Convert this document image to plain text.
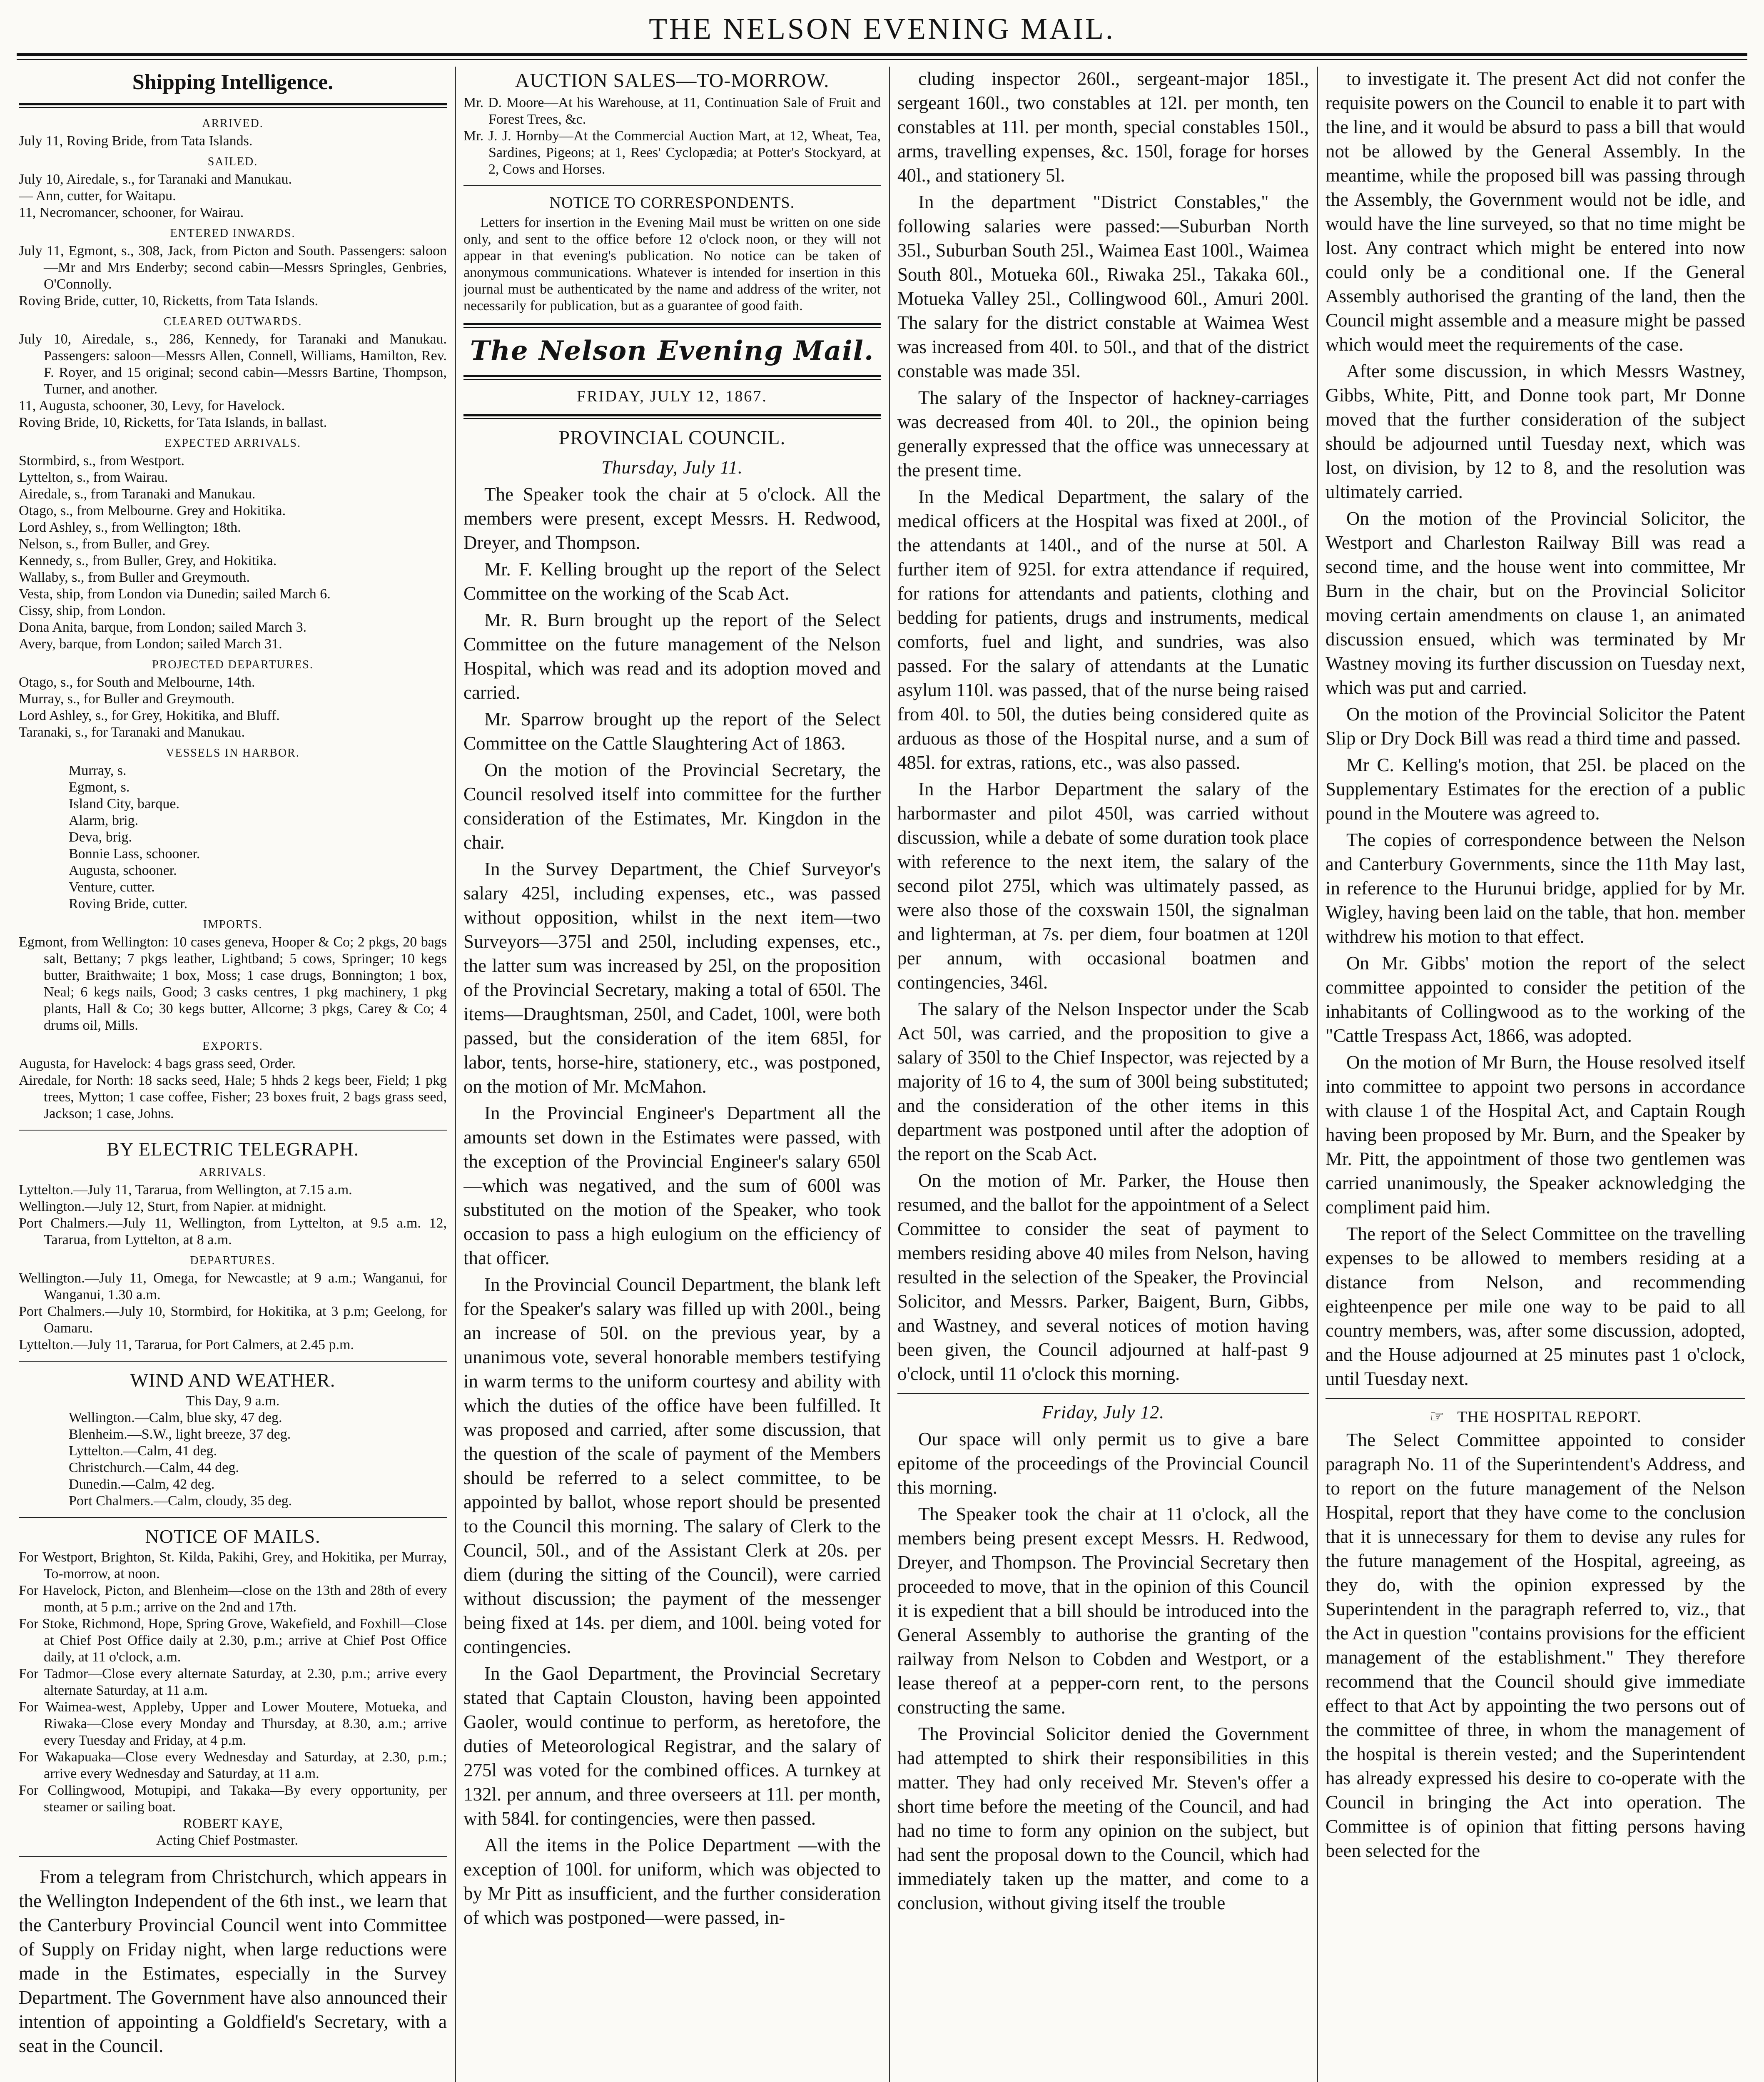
THE NELSON EVENING MAIL.
Shipping Intelligence.
ARRIVED.

July 11, Roving Bride, from Tata Islands.

SAILED.

July 10, Airedale, s., for Taranaki and Manukau.

— Ann, cutter, for Waitapu.

11, Necromancer, schooner, for Wairau.

ENTERED INWARDS.

July 11, Egmont, s., 308, Jack, from Picton and South. Passengers: saloon—Mr and Mrs Enderby; second cabin—Messrs Springles, Genbries, O'Connolly.

Roving Bride, cutter, 10, Ricketts, from Tata Islands.

CLEARED OUTWARDS.

July 10, Airedale, s., 286, Kennedy, for Taranaki and Manukau. Passengers: saloon—Messrs Allen, Connell, Williams, Hamilton, Rev. F. Royer, and 15 original; second cabin—Messrs Bartine, Thompson, Turner, and another.

11, Augusta, schooner, 30, Levy, for Havelock.

Roving Bride, 10, Ricketts, for Tata Islands, in ballast.

EXPECTED ARRIVALS.

Stormbird, s., from Westport.

Lyttelton, s., from Wairau.

Airedale, s., from Taranaki and Manukau.

Otago, s., from Melbourne. Grey and Hokitika.

Lord Ashley, s., from Wellington; 18th.

Nelson, s., from Buller, and Grey.

Kennedy, s., from Buller, Grey, and Hokitika.

Wallaby, s., from Buller and Greymouth.

Vesta, ship, from London via Dunedin; sailed March 6.

Cissy, ship, from London.

Dona Anita, barque, from London; sailed March 3.

Avery, barque, from London; sailed March 31.

PROJECTED DEPARTURES.

Otago, s., for South and Melbourne, 14th.

Murray, s., for Buller and Greymouth.

Lord Ashley, s., for Grey, Hokitika, and Bluff.

Taranaki, s., for Taranaki and Manukau.

VESSELS IN HARBOR.

Murray, s.

Egmont, s.

Island City, barque.

Alarm, brig.

Deva, brig.

Bonnie Lass, schooner.

Augusta, schooner.

Venture, cutter.

Roving Bride, cutter.

IMPORTS.

Egmont, from Wellington: 10 cases geneva, Hooper & Co; 2 pkgs, 20 bags salt, Bettany; 7 pkgs leather, Lightband; 5 cows, Springer; 10 kegs butter, Braithwaite; 1 box, Moss; 1 case drugs, Bonnington; 1 box, Neal; 6 kegs nails, Good; 3 casks centres, 1 pkg machinery, 1 pkg plants, Hall & Co; 30 kegs butter, Allcorne; 3 pkgs, Carey & Co; 4 drums oil, Mills.

EXPORTS.

Augusta, for Havelock: 4 bags grass seed, Order.

Airedale, for North: 18 sacks seed, Hale; 5 hhds 2 kegs beer, Field; 1 pkg trees, Mytton; 1 case coffee, Fisher; 23 boxes fruit, 2 bags grass seed, Jackson; 1 case, Johns.

BY ELECTRIC TELEGRAPH.
ARRIVALS.

Lyttelton.—July 11, Tararua, from Wellington, at 7.15 a.m.

Wellington.—July 12, Sturt, from Napier. at midnight.

Port Chalmers.—July 11, Wellington, from Lyttelton, at 9.5 a.m. 12, Tararua, from Lyttelton, at 8 a.m.

DEPARTURES.

Wellington.—July 11, Omega, for Newcastle; at 9 a.m.; Wanganui, for Wanganui, 1.30 a.m.

Port Chalmers.—July 10, Stormbird, for Hokitika, at 3 p.m; Geelong, for Oamaru.

Lyttelton.—July 11, Tararua, for Port Calmers, at 2.45 p.m.

WIND AND WEATHER.
This Day, 9 a.m.

Wellington.—Calm, blue sky, 47 deg.

Blenheim.—S.W., light breeze, 37 deg.

Lyttelton.—Calm, 41 deg.

Christchurch.—Calm, 44 deg.

Dunedin.—Calm, 42 deg.

Port Chalmers.—Calm, cloudy, 35 deg.

NOTICE OF MAILS.

For Westport, Brighton, St. Kilda, Pakihi, Grey, and Hokitika, per Murray, To-morrow, at noon.

For Havelock, Picton, and Blenheim—close on the 13th and 28th of every month, at 5 p.m.; arrive on the 2nd and 17th.

For Stoke, Richmond, Hope, Spring Grove, Wakefield, and Foxhill—Close at Chief Post Office daily at 2.30, p.m.; arrive at Chief Post Office daily, at 11 o'clock, a.m.

For Tadmor—Close every alternate Saturday, at 2.30, p.m.; arrive every alternate Saturday, at 11 a.m.

For Waimea-west, Appleby, Upper and Lower Moutere, Motueka, and Riwaka—Close every Monday and Thursday, at 8.30, a.m.; arrive every Tuesday and Friday, at 4 p.m.

For Wakapuaka—Close every Wednesday and Saturday, at 2.30, p.m.; arrive every Wednesday and Saturday, at 11 a.m.

For Collingwood, Motupipi, and Takaka—By every opportunity, per steamer or sailing boat.

ROBERT KAYE,
Acting Chief Postmaster.

From a telegram from Christchurch, which appears in the Wellington Independent of the 6th inst., we learn that the Canterbury Provincial Council went into Committee of Supply on Friday night, when large reductions were made in the Estimates, especially in the Survey Department. The Government have also announced their intention of appointing a Goldfield's Secretary, with a seat in the Council.

AUCTION SALES—TO-MORROW.

Mr. D. Moore—At his Warehouse, at 11, Continuation Sale of Fruit and Forest Trees, &c.

Mr. J. J. Hornby—At the Commercial Auction Mart, at 12, Wheat, Tea, Sardines, Pigeons; at 1, Rees' Cyclopædia; at Potter's Stockyard, at 2, Cows and Horses.

NOTICE TO CORRESPONDENTS.

Letters for insertion in the Evening Mail must be written on one side only, and sent to the office before 12 o'clock noon, or they will not appear in that evening's publication. No notice can be taken of anonymous communications. Whatever is intended for insertion in this journal must be authenticated by the name and address of the writer, not necessarily for publication, but as a guarantee of good faith.

The Nelson Evening Mail.
FRIDAY, JULY 12, 1867.
PROVINCIAL COUNCIL.
Thursday, July 11.

The Speaker took the chair at 5 o'clock. All the members were present, except Messrs. H. Redwood, Dreyer, and Thompson.

Mr. F. Kelling brought up the report of the Select Committee on the working of the Scab Act.

Mr. R. Burn brought up the report of the Select Committee on the future management of the Nelson Hospital, which was read and its adoption moved and carried.

Mr. Sparrow brought up the report of the Select Committee on the Cattle Slaughtering Act of 1863.

On the motion of the Provincial Secretary, the Council resolved itself into committee for the further consideration of the Estimates, Mr. Kingdon in the chair.

In the Survey Department, the Chief Surveyor's salary 425l, including expenses, etc., was passed without opposition, whilst in the next item—two Surveyors—375l and 250l, including expenses, etc., the latter sum was increased by 25l, on the proposition of the Provincial Secretary, making a total of 650l. The items—Draughtsman, 250l, and Cadet, 100l, were both passed, but the consideration of the item 685l, for labor, tents, horse-hire, stationery, etc., was postponed, on the motion of Mr. McMahon.

In the Provincial Engineer's Department all the amounts set down in the Estimates were passed, with the exception of the Provincial Engineer's salary 650l—which was negatived, and the sum of 600l was substituted on the motion of the Speaker, who took occasion to pass a high eulogium on the efficiency of that officer.

In the Provincial Council Department, the blank left for the Speaker's salary was filled up with 200l., being an increase of 50l. on the previous year, by a unanimous vote, several honorable members testifying in warm terms to the uniform courtesy and ability with which the duties of the office have been fulfilled. It was proposed and carried, after some discussion, that the question of the scale of payment of the Members should be referred to a select committee, to be appointed by ballot, whose report should be presented to the Council this morning. The salary of Clerk to the Council, 50l., and of the Assistant Clerk at 20s. per diem (during the sitting of the Council), were carried without discussion; the payment of the messenger being fixed at 14s. per diem, and 100l. being voted for contingencies.

In the Gaol Department, the Provincial Secretary stated that Captain Clouston, having been appointed Gaoler, would continue to perform, as heretofore, the duties of Meteorological Registrar, and the salary of 275l was voted for the combined offices. A turnkey at 132l. per annum, and three overseers at 11l. per month, with 584l. for contingencies, were then passed.

All the items in the Police Department —with the exception of 100l. for uniform, which was objected to by Mr Pitt as insufficient, and the further consideration of which was postponed—were passed, in-

cluding inspector 260l., sergeant-major 185l., sergeant 160l., two constables at 12l. per month, ten constables at 11l. per month, special constables 150l., arms, travelling expenses, &c. 150l, forage for horses 40l., and stationery 5l.

In the department "District Constables," the following salaries were passed:—Suburban North 35l., Suburban South 25l., Waimea East 100l., Waimea South 80l., Motueka 60l., Riwaka 25l., Takaka 60l., Motueka Valley 25l., Collingwood 60l., Amuri 200l. The salary for the district constable at Waimea West was increased from 40l. to 50l., and that of the district constable was made 35l.

The salary of the Inspector of hackney-carriages was decreased from 40l. to 20l., the opinion being generally expressed that the office was unnecessary at the present time.

In the Medical Department, the salary of the medical officers at the Hospital was fixed at 200l., of the attendants at 140l., and of the nurse at 50l. A further item of 925l. for extra attendance if required, for rations for attendants and patients, clothing and bedding for patients, drugs and instruments, medical comforts, fuel and light, and sundries, was also passed. For the salary of attendants at the Lunatic asylum 110l. was passed, that of the nurse being raised from 40l. to 50l, the duties being considered quite as arduous as those of the Hospital nurse, and a sum of 485l. for extras, rations, etc., was also passed.

In the Harbor Department the salary of the harbormaster and pilot 450l, was carried without discussion, while a debate of some duration took place with reference to the next item, the salary of the second pilot 275l, which was ultimately passed, as were also those of the coxswain 150l, the signalman and lighterman, at 7s. per diem, four boatmen at 120l per annum, with occasional boatmen and contingencies, 346l.

The salary of the Nelson Inspector under the Scab Act 50l, was carried, and the proposition to give a salary of 350l to the Chief Inspector, was rejected by a majority of 16 to 4, the sum of 300l being substituted; and the consideration of the other items in this department was postponed until after the adoption of the report on the Scab Act.

On the motion of Mr. Parker, the House then resumed, and the ballot for the appointment of a Select Committee to consider the seat of payment to members residing above 40 miles from Nelson, having resulted in the selection of the Speaker, the Provincial Solicitor, and Messrs. Parker, Baigent, Burn, Gibbs, and Wastney, and several notices of motion having been given, the Council adjourned at half-past 9 o'clock, until 11 o'clock this morning.

Friday, July 12.

Our space will only permit us to give a bare epitome of the proceedings of the Provincial Council this morning.

The Speaker took the chair at 11 o'clock, all the members being present except Messrs. H. Redwood, Dreyer, and Thompson. The Provincial Secretary then proceeded to move, that in the opinion of this Council it is expedient that a bill should be introduced into the General Assembly to authorise the granting of the railway from Nelson to Cobden and Westport, or a lease thereof at a pepper-corn rent, to the persons constructing the same.

The Provincial Solicitor denied the Government had attempted to shirk their responsibilities in this matter. They had only received Mr. Steven's offer a short time before the meeting of the Council, and had had no time to form any opinion on the subject, but had sent the proposal down to the Council, which had immediately taken up the matter, and come to a conclusion, without giving itself the trouble

to investigate it. The present Act did not confer the requisite powers on the Council to enable it to part with the line, and it would be absurd to pass a bill that would not be allowed by the General Assembly. In the meantime, while the proposed bill was passing through the Assembly, the Government would not be idle, and would have the line surveyed, so that no time might be lost. Any contract which might be entered into now could only be a conditional one. If the General Assembly authorised the granting of the land, then the Council might assemble and a measure might be passed which would meet the requirements of the case.

After some discussion, in which Messrs Wastney, Gibbs, White, Pitt, and Donne took part, Mr Donne moved that the further consideration of the subject should be adjourned until Tuesday next, which was lost, on division, by 12 to 8, and the resolution was ultimately carried.

On the motion of the Provincial Solicitor, the Westport and Charleston Railway Bill was read a second time, and the house went into committee, Mr Burn in the chair, but on the Provincial Solicitor moving certain amendments on clause 1, an animated discussion ensued, which was terminated by Mr Wastney moving its further discussion on Tuesday next, which was put and carried.

On the motion of the Provincial Solicitor the Patent Slip or Dry Dock Bill was read a third time and passed.

Mr C. Kelling's motion, that 25l. be placed on the Supplementary Estimates for the erection of a public pound in the Moutere was agreed to.

The copies of correspondence between the Nelson and Canterbury Governments, since the 11th May last, in reference to the Hurunui bridge, applied for by Mr. Wigley, having been laid on the table, that hon. member withdrew his motion to that effect.

On Mr. Gibbs' motion the report of the select committee appointed to consider the petition of the inhabitants of Collingwood as to the working of the "Cattle Trespass Act, 1866, was adopted.

On the motion of Mr Burn, the House resolved itself into committee to appoint two persons in accordance with clause 1 of the Hospital Act, and Captain Rough having been proposed by Mr. Burn, and the Speaker by Mr. Pitt, the appointment of those two gentlemen was carried unanimously, the Speaker acknowledging the compliment paid him.

The report of the Select Committee on the travelling expenses to be allowed to members residing at a distance from Nelson, and recommending eighteenpence per mile one way to be paid to all country members, was, after some discussion, adopted, and the House adjourned at 25 minutes past 1 o'clock, until Tuesday next.

☞ THE HOSPITAL REPORT.

The Select Committee appointed to consider paragraph No. 11 of the Superintendent's Address, and to report on the future management of the Nelson Hospital, report that they have come to the conclusion that it is unnecessary for them to devise any rules for the future management of the Hospital, agreeing, as they do, with the opinion expressed by the Superintendent in the paragraph referred to, viz., that the Act in question "contains provisions for the efficient management of the establishment." They therefore recommend that the Council should give immediate effect to that Act by appointing the two persons out of the committee of three, in whom the management of the hospital is therein vested; and the Superintendent has already expressed his desire to co-operate with the Council in bringing the Act into operation. The Committee is of opinion that fitting persons having been selected for the
